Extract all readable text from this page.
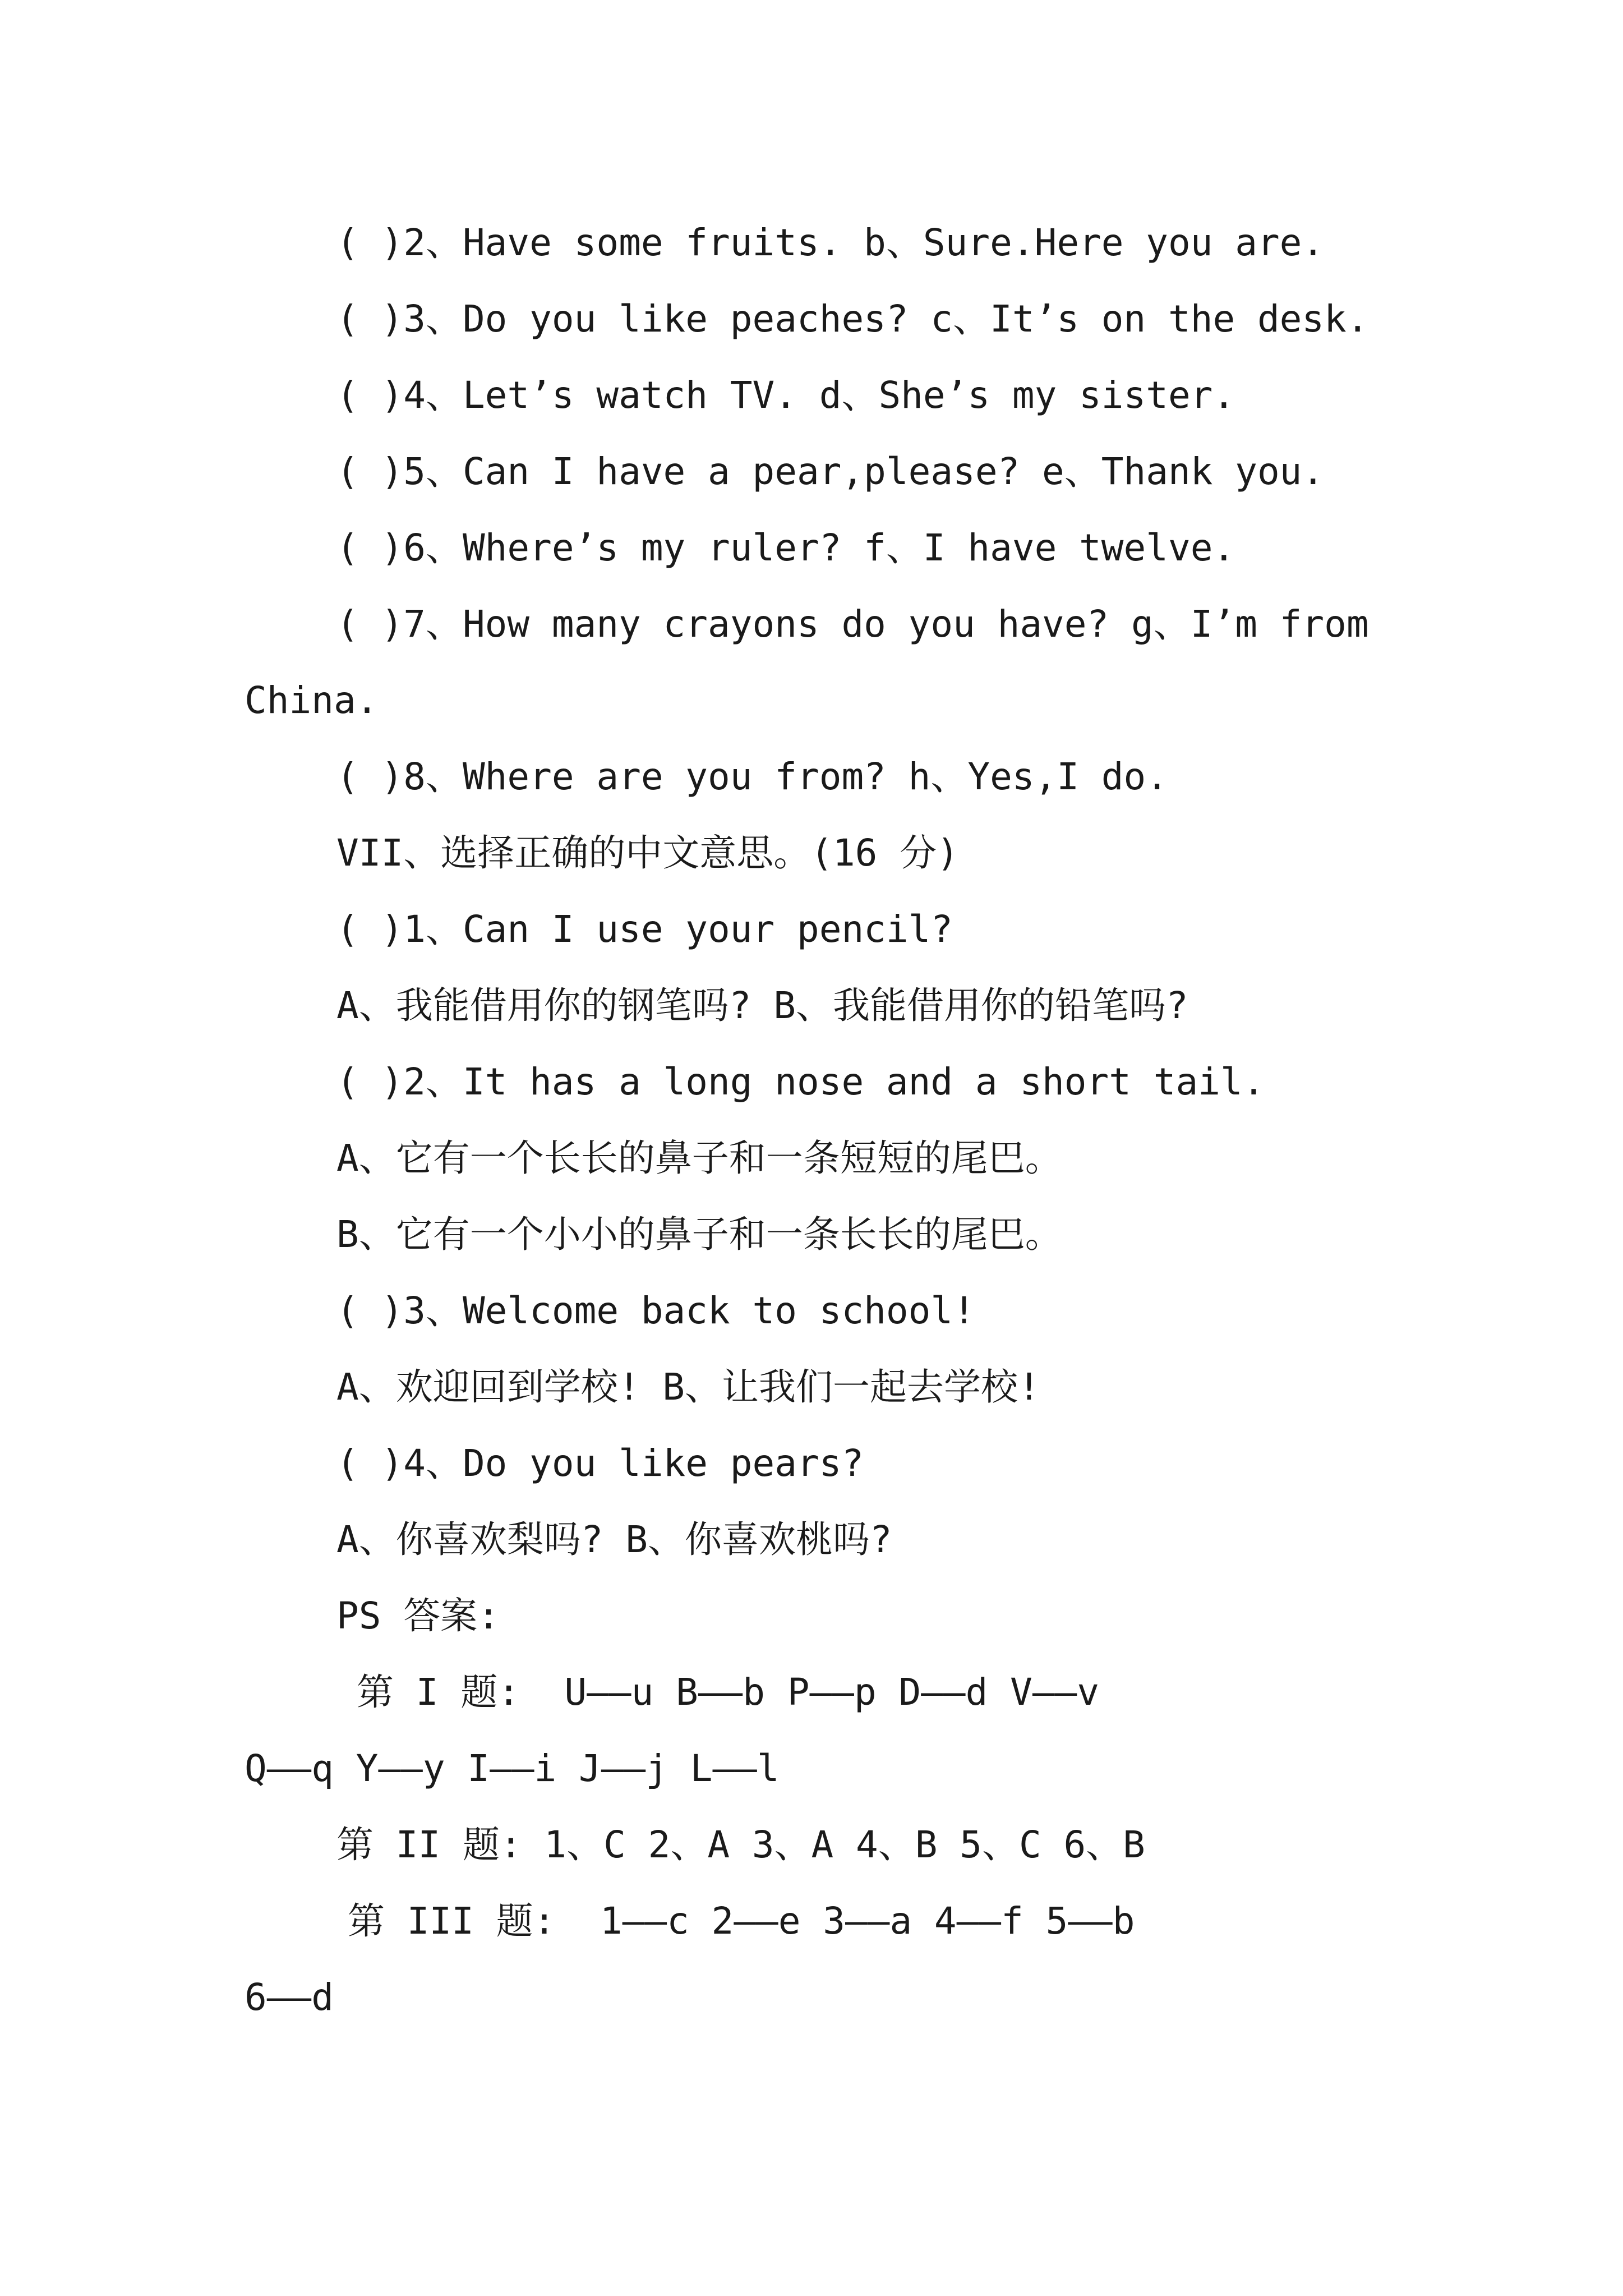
( )2、Have some fruits. b、Sure.Here you are.
( )3、Do you like peaches? c、It’s on the desk.
( )4、Let’s watch TV. d、She’s my sister.
( )5、Can I have a pear,please? e、Thank you.
( )6、Where’s my ruler? f、I have twelve.
( )7、How many crayons do you have? g、I’m from
China.
( )8、Where are you from? h、Yes,I do.
VII、选择正确的中文意思。(16 分)
( )1、Can I use your pencil?
A、我能借用你的钢笔吗? B、我能借用你的铅笔吗?
( )2、It has a long nose and a short tail.
A、它有一个长长的鼻子和一条短短的尾巴。
B、它有一个小小的鼻子和一条长长的尾巴。
( )3、Welcome back to school!
A、欢迎回到学校! B、让我们一起去学校!
( )4、Do you like pears?
A、你喜欢梨吗? B、你喜欢桃吗?
PS 答案:
第 I 题:  U——u B——b P——p D——d V——v
Q——q Y——y I——i J——j L——l
第 II 题: 1、C 2、A 3、A 4、B 5、C 6、B
第 III 题:  1——c 2——e 3——a 4——f 5——b
6——d
